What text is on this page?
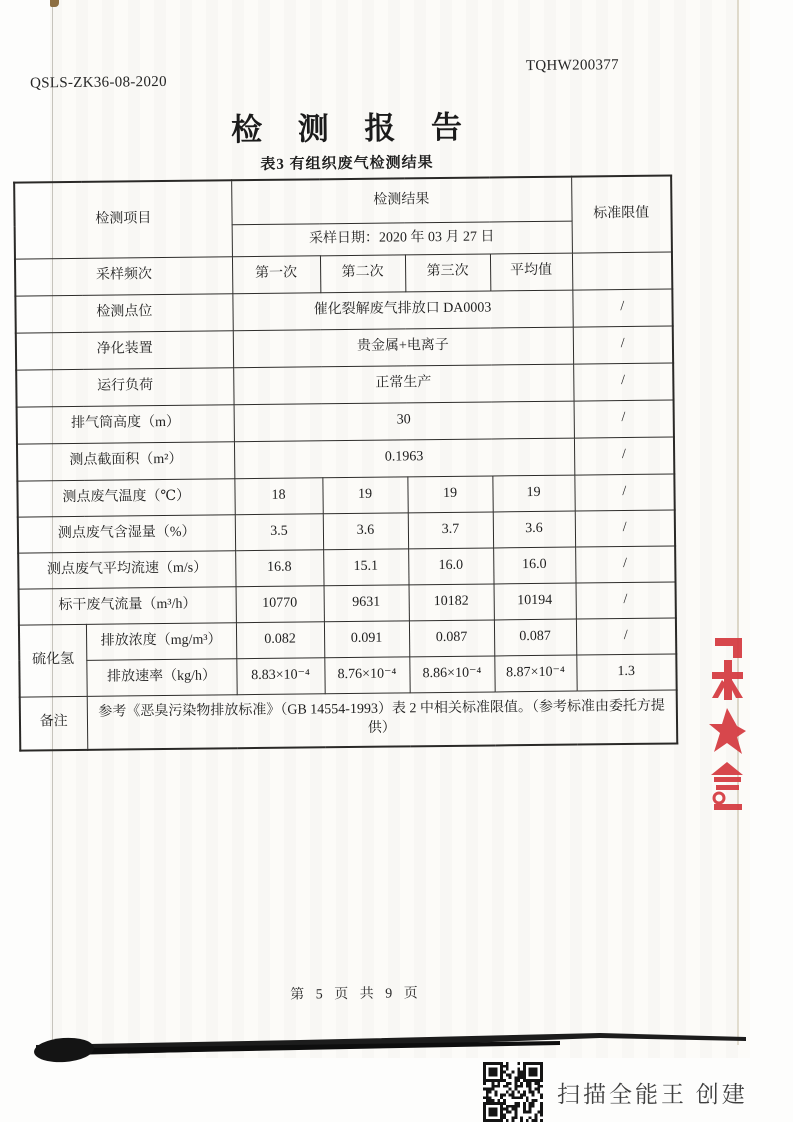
QSLS-ZK36-08-2020
TQHW200377
检 测 报 告
表3 有组织废气检测结果
检测项目		检测结果				标准限值
		采样日期：2020 年 03 月 27 日				
采样频次		第一次	第二次	第三次	平均值	
检测点位		催化裂解废气排放口 DA0003				/
净化装置		贵金属+电离子				/
运行负荷		正常生产				/
排气筒高度（m）		30				/
测点截面积（m²）		0.1963				/
测点废气温度（℃）		18	19	19	19	/
测点废气含湿量（%）		3.5	3.6	3.7	3.6	/
测点废气平均流速（m/s）		16.8	15.1	16.0	16.0	/
标干废气流量（m³/h）		10770	9631	10182	10194	/
硫化氢	排放浓度（mg/m³）	0.082	0.091	0.087	0.087	/
	排放速率（kg/h）	8.83×10⁻⁴	8.76×10⁻⁴	8.86×10⁻⁴	8.87×10⁻⁴	1.3
备注	参考《恶臭污染物排放标准》（GB 14554-1993）表 2 中相关标准限值。（参考标准由委托方提供）					
第 5 页 共 9 页
扫描全能王 创建
